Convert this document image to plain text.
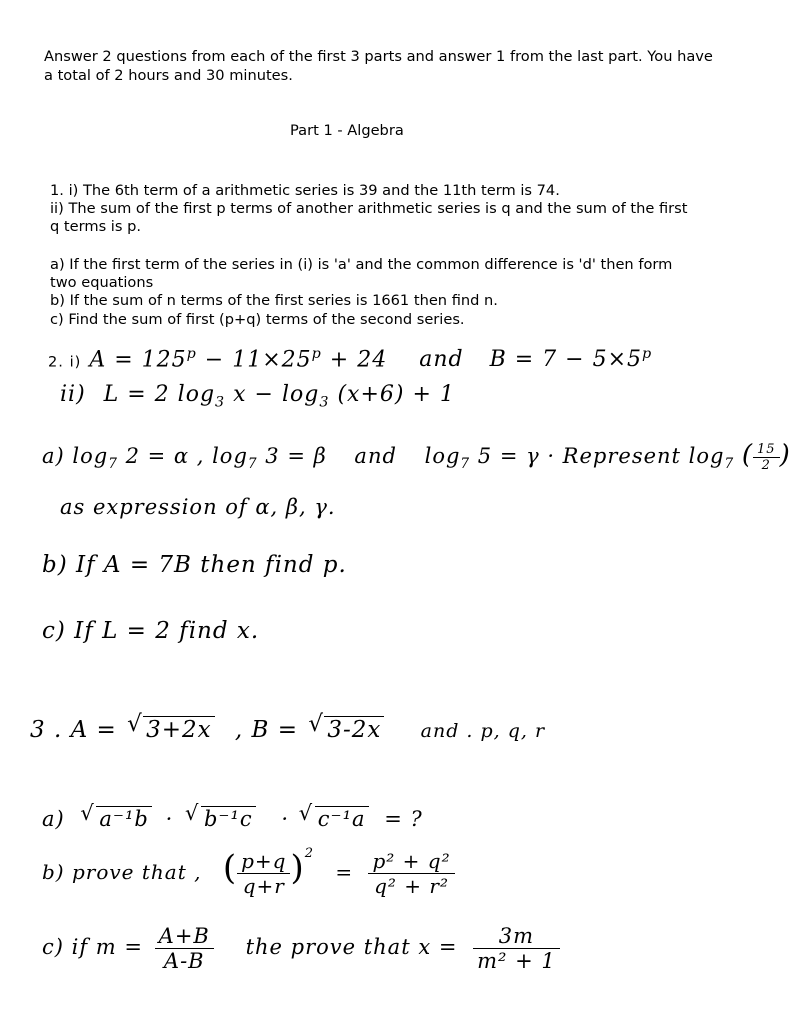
Answer 2 questions from each of the first 3 parts and answer 1 from the last part. You have
a total of 2 hours and 30 minutes.
Part 1 - Algebra
1. i) The 6th term of a arithmetic series is 39 and the 11th term is 74.
ii) The sum of the first p terms of another arithmetic series is q and the sum of the first
q terms is p.
a) If the first term of the series in (i) is 'a' and the common difference is 'd' then form
two equations
b) If the sum of n terms of the first series is 1661 then find n.
c) Find the sum of first (p+q) terms of the second series.
2. i) $A = 125^p - 11\times 25^p + 24$ and $B = 7 - 5\times 5^p$
ii) L = 2 $\log_3 x - \log_3 (x+6) + 1$
a) $\log_7 2 = \alpha$ , $\log_7 3 = \beta$ and $\log_7 5 = \gamma$ · Represent $\log_7$ ( $\frac{15}{2}$ )
as expression of α, β, γ.
b) If A = 7B then find p.
c) If L = 2 find x.
3 . A = √ 3+2x , B = √ 3-2x and . p, q, r
a) √ a⁻¹b · √ b⁻¹c · √ c⁻¹a = ?
b) prove that , ( $\frac{p+q}{q+r} )^2 = \frac{\text{p² + q²}}{\text{q² + r²}}$
c) if $m = \frac{A+B}{A-B}$ the prove that $x = \frac{3m}{\text{m² + 1}}$
